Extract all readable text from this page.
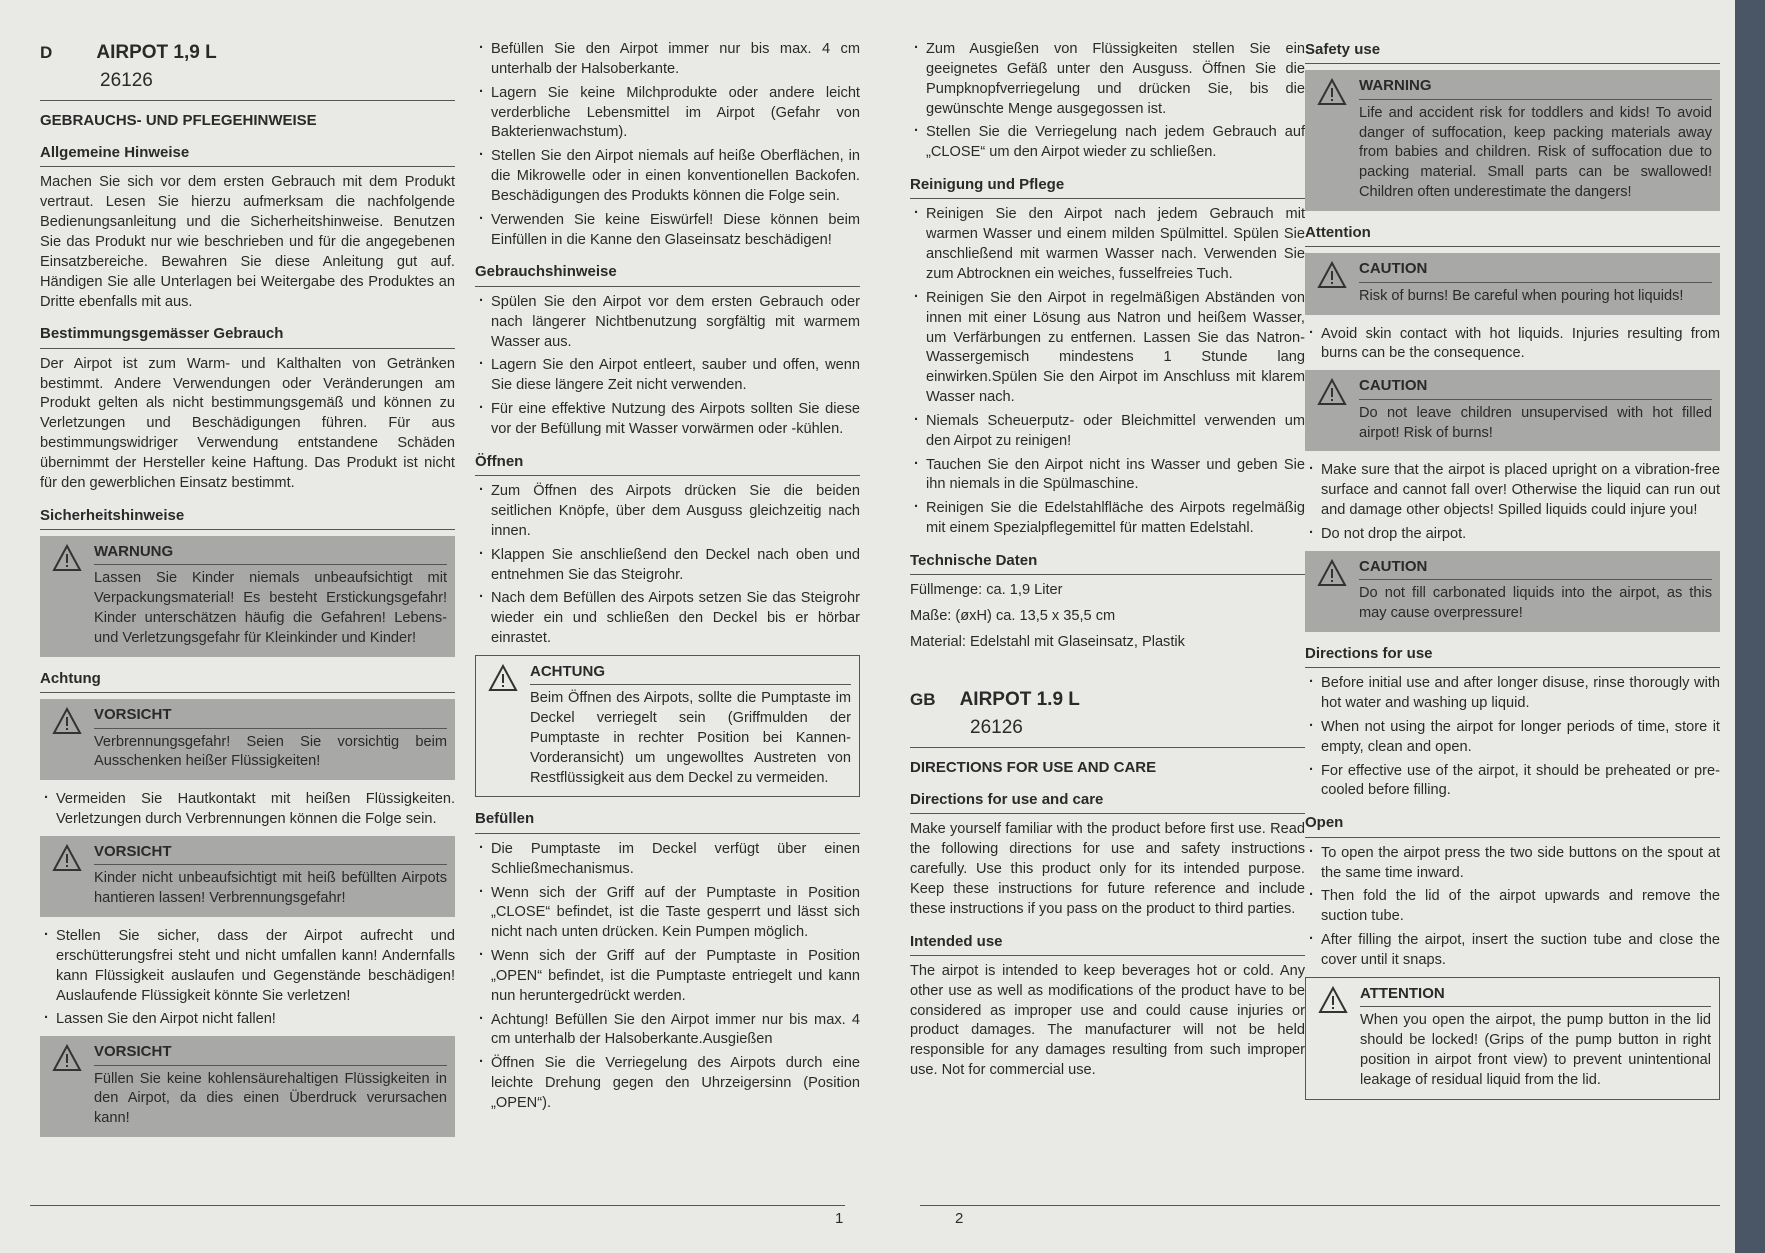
D AIRPOT 1,9 L
26126
GEBRAUCHS- UND PFLEGEHINWEISE
Allgemeine Hinweise

Machen Sie sich vor dem ersten Gebrauch mit dem Produkt vertraut. Lesen Sie hierzu aufmerksam die nachfolgende Bedienungsanleitung und die Sicherheitshinweise. Benutzen Sie das Produkt nur wie beschrieben und für die angegebenen Einsatzbereiche. Bewahren Sie diese Anleitung gut auf. Händigen Sie alle Unterlagen bei Weitergabe des Produktes an Dritte ebenfalls mit aus.

Bestimmungsgemässer Gebrauch

Der Airpot ist zum Warm- und Kalthalten von Getränken bestimmt. Andere Verwendungen oder Veränderungen am Produkt gelten als nicht bestimmungsgemäß und können zu Verletzungen und Beschädigungen führen. Für aus bestimmungswidriger Verwendung entstandene Schäden übernimmt der Hersteller keine Haftung. Das Produkt ist nicht für den gewerblichen Einsatz bestimmt.

Sicherheitshinweise
WARNUNG
Lassen Sie Kinder niemals unbeaufsichtigt mit Verpackungsmaterial! Es besteht Erstickungsgefahr! Kinder unterschätzen häufig die Gefahren! Lebens- und Verletzungsgefahr für Kleinkinder und Kinder!
Achtung
VORSICHT
Verbrennungsgefahr! Seien Sie vorsichtig beim Ausschenken heißer Flüssigkeiten!
· Vermeiden Sie Hautkontakt mit heißen Flüssigkeiten. Verletzungen durch Verbrennungen können die Folge sein.
VORSICHT
Kinder nicht unbeaufsichtigt mit heiß befüllten Airpots hantieren lassen! Verbrennungsgefahr!
· Stellen Sie sicher, dass der Airpot aufrecht und erschütterungsfrei steht und nicht umfallen kann! Andernfalls kann Flüssigkeit auslaufen und Gegenstände beschädigen! Auslaufende Flüssigkeit könnte Sie verletzen!
· Lassen Sie den Airpot nicht fallen!
VORSICHT
Füllen Sie keine kohlensäurehaltigen Flüssigkeiten in den Airpot, da dies einen Überdruck verursachen kann!
· Befüllen Sie den Airpot immer nur bis max. 4 cm unterhalb der Halsoberkante.
· Lagern Sie keine Milchprodukte oder andere leicht verderbliche Lebensmittel im Airpot (Gefahr von Bakterienwachstum).
· Stellen Sie den Airpot niemals auf heiße Oberflächen, in die Mikrowelle oder in einen konventionellen Backofen. Beschädigungen des Produkts können die Folge sein.
· Verwenden Sie keine Eiswürfel! Diese können beim Einfüllen in die Kanne den Glaseinsatz beschädigen!
Gebrauchshinweise
· Spülen Sie den Airpot vor dem ersten Gebrauch oder nach längerer Nichtbenutzung sorgfältig mit warmem Wasser aus.
· Lagern Sie den Airpot entleert, sauber und offen, wenn Sie diese längere Zeit nicht verwenden.
· Für eine effektive Nutzung des Airpots sollten Sie diese vor der Befüllung mit Wasser vorwärmen oder -kühlen.
Öffnen
· Zum Öffnen des Airpots drücken Sie die beiden seitlichen Knöpfe, über dem Ausguss gleichzeitig nach innen.
· Klappen Sie anschließend den Deckel nach oben und entnehmen Sie das Steigrohr.
· Nach dem Befüllen des Airpots setzen Sie das Steigrohr wieder ein und schließen den Deckel bis er hörbar einrastet.
ACHTUNG
Beim Öffnen des Airpots, sollte die Pumptaste im Deckel verriegelt sein (Griffmulden der Pumptaste in rechter Position bei Kannen-Vorderansicht) um ungewolltes Austreten von Restflüssigkeit aus dem Deckel zu vermeiden.
Befüllen
· Die Pumptaste im Deckel verfügt über einen Schließmechanismus.
· Wenn sich der Griff auf der Pumptaste in Position „CLOSE“ befindet, ist die Taste gesperrt und lässt sich nicht nach unten drücken. Kein Pumpen möglich.
· Wenn sich der Griff auf der Pumptaste in Position „OPEN“ befindet, ist die Pumptaste entriegelt und kann nun heruntergedrückt werden.
· Achtung! Befüllen Sie den Airpot immer nur bis max. 4 cm unterhalb der Halsoberkante.Ausgießen
· Öffnen Sie die Verriegelung des Airpots durch eine leichte Drehung gegen den Uhrzeigersinn (Position „OPEN“).
1
· Zum Ausgießen von Flüssigkeiten stellen Sie ein geeignetes Gefäß unter den Ausguss. Öffnen Sie die Pumpknopfverriegelung und drücken Sie, bis die gewünschte Menge ausgegossen ist.
· Stellen Sie die Verriegelung nach jedem Gebrauch auf „CLOSE“ um den Airpot wieder zu schließen.
Reinigung und Pflege
· Reinigen Sie den Airpot nach jedem Gebrauch mit warmen Wasser und einem milden Spülmittel. Spülen Sie anschließend mit warmen Wasser nach. Verwenden Sie zum Abtrocknen ein weiches, fusselfreies Tuch.
· Reinigen Sie den Airpot in regelmäßigen Abständen von innen mit einer Lösung aus Natron und heißem Wasser, um Verfärbungen zu entfernen. Lassen Sie das Natron-Wassergemisch mindestens 1 Stunde lang einwirken.Spülen Sie den Airpot im Anschluss mit klarem Wasser nach.
· Niemals Scheuerputz- oder Bleichmittel verwenden um den Airpot zu reinigen!
· Tauchen Sie den Airpot nicht ins Wasser und geben Sie ihn niemals in die Spülmaschine.
· Reinigen Sie die Edelstahlfläche des Airpots regelmäßig mit einem Spezialpflegemittel für matten Edelstahl.
Technische Daten

Füllmenge: ca. 1,9 Liter

Maße: (øxH) ca. 13,5 x 35,5 cm

Material: Edelstahl mit Glaseinsatz, Plastik

GB AIRPOT 1.9 L
26126
DIRECTIONS FOR USE AND CARE
Directions for use and care

Make yourself familiar with the product before first use. Read the following directions for use and safety instructions carefully. Use this product only for its intended purpose. Keep these instructions for future reference and include these instructions if you pass on the product to third parties.

Intended use

The airpot is intended to keep beverages hot or cold. Any other use as well as modifications of the product have to be considered as improper use and could cause injuries or product damages. The manufacturer will not be held responsible for any damages resulting from such improper use. Not for commercial use.

Safety use
WARNING
Life and accident risk for toddlers and kids! To avoid danger of suffocation, keep packing materials away from babies and children. Risk of suffocation due to packing material. Small parts can be swallowed! Children often underestimate the dangers!
Attention
CAUTION
Risk of burns! Be careful when pouring hot liquids!
· Avoid skin contact with hot liquids. Injuries resulting from burns can be the consequence.
CAUTION
Do not leave children unsupervised with hot filled airpot! Risk of burns!
· Make sure that the airpot is placed upright on a vibration-free surface and cannot fall over! Otherwise the liquid can run out and damage other objects! Spilled liquids could injure you!
· Do not drop the airpot.
CAUTION
Do not fill carbonated liquids into the airpot, as this may cause overpressure!
Directions for use
· Before initial use and after longer disuse, rinse thorougly with hot water and washing up liquid.
· When not using the airpot for longer periods of time, store it empty, clean and open.
· For effective use of the airpot, it should be preheated or pre-cooled before filling.
Open
· To open the airpot press the two side buttons on the spout at the same time inward.
· Then fold the lid of the airpot upwards and remove the suction tube.
· After filling the airpot, insert the suction tube and close the cover until it snaps.
ATTENTION
When you open the airpot, the pump button in the lid should be locked! (Grips of the pump button in right position in airpot front view) to prevent unintentional leakage of residual liquid from the lid.
2
